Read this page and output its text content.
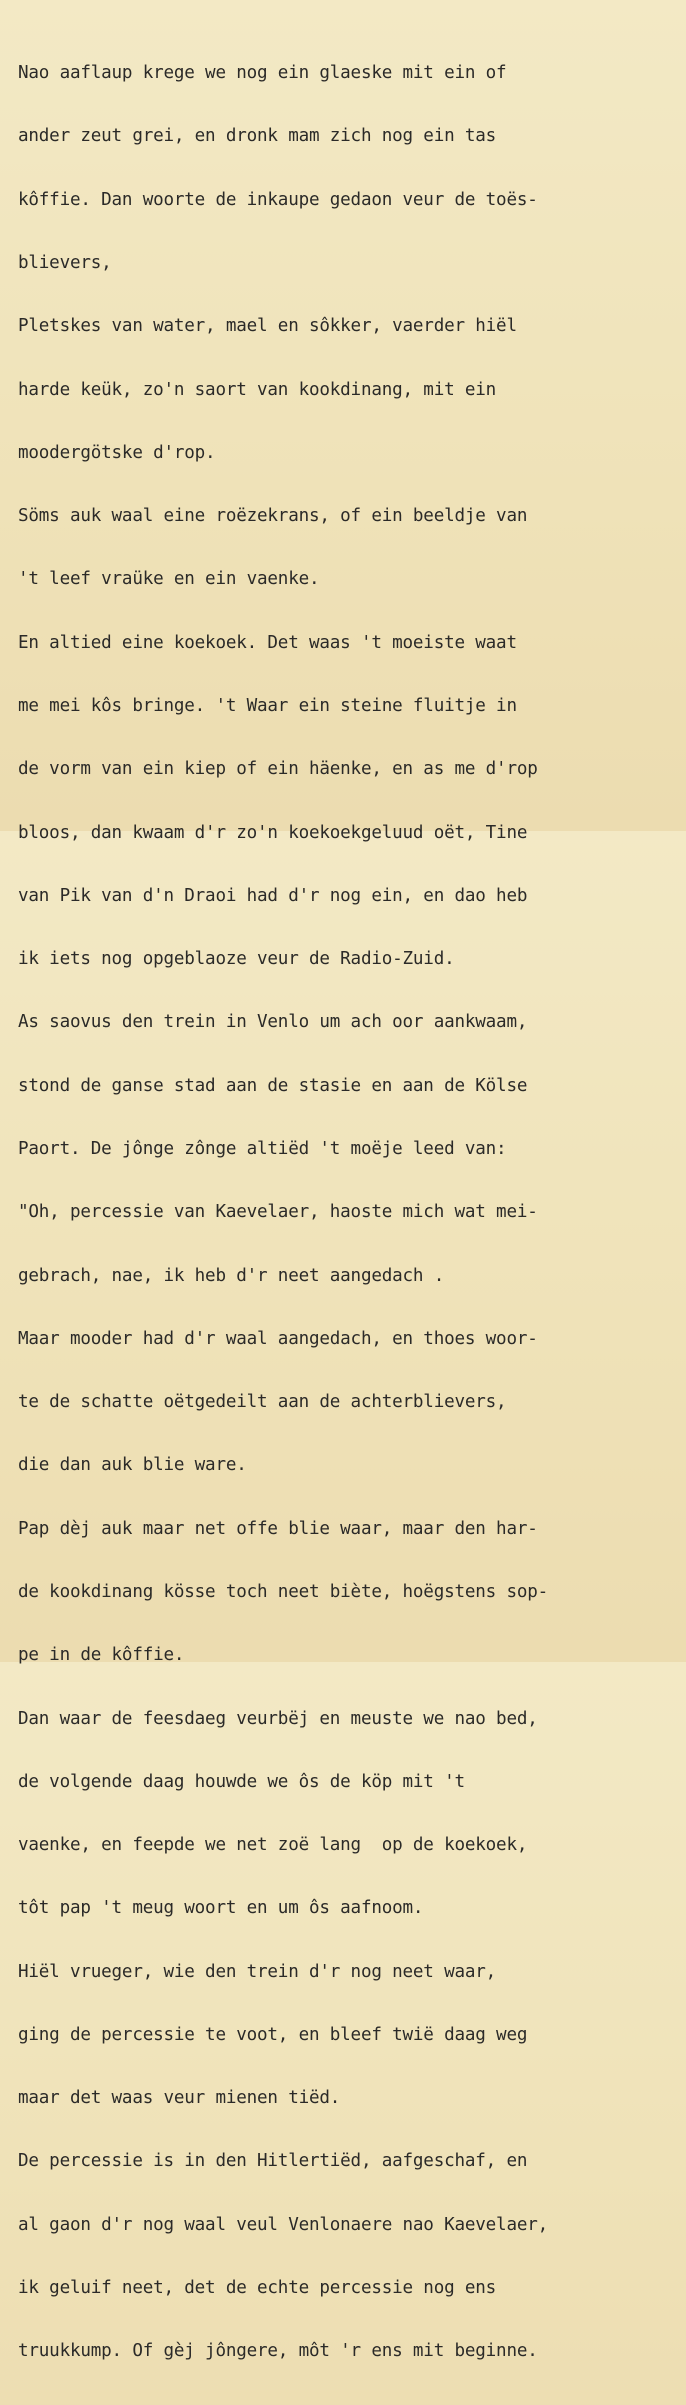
Nao aaflaup krege we nog ein glaeske mit ein of

ander zeut grei, en dronk mam zich nog ein tas

kôffie. Dan woorte de inkaupe gedaon veur de toës-

blievers,

Pletskes van water, mael en sôkker, vaerder hiël

harde keük, zo'n saort van kookdinang, mit ein

moodergötske d'rop.

Söms auk waal eine roëzekrans, of ein beeldje van

't leef vraüke en ein vaenke.

En altied eine koekoek. Det waas 't moeiste waat

me mei kôs bringe. 't Waar ein steine fluitje in

de vorm van ein kiep of ein häenke, en as me d'rop

bloos, dan kwaam d'r zo'n koekoekgeluud oët, Tine

van Pik van d'n Draoi had d'r nog ein, en dao heb

ik iets nog opgeblaoze veur de Radio-Zuid.

As saovus den trein in Venlo um ach oor aankwaam,

stond de ganse stad aan de stasie en aan de Kölse

Paort. De jônge zônge altiëd 't moëje leed van:

"Oh, percessie van Kaevelaer, haoste mich wat mei-

gebrach, nae, ik heb d'r neet aangedach .

Maar mooder had d'r waal aangedach, en thoes woor-

te de schatte oëtgedeilt aan de achterblievers,

die dan auk blie ware.

Pap dèj auk maar net offe blie waar, maar den har-

de kookdinang kösse toch neet biète, hoëgstens sop-

pe in de kôffie.

Dan waar de feesdaeg veurbëj en meuste we nao bed,

de volgende daag houwde we ôs de köp mit 't

vaenke, en feepde we net zoë lang  op de koekoek,

tôt pap 't meug woort en um ôs aafnoom.

Hiël vrueger, wie den trein d'r nog neet waar,

ging de percessie te voot, en bleef twië daag weg

maar det waas veur mienen tiëd.

De percessie is in den Hitlertiëd, aafgeschaf, en

al gaon d'r nog waal veul Venlonaere nao Kaevelaer,

ik geluif neet, det de echte percessie nog ens

truukkump. Of gèj jôngere, môt 'r ens mit beginne.
